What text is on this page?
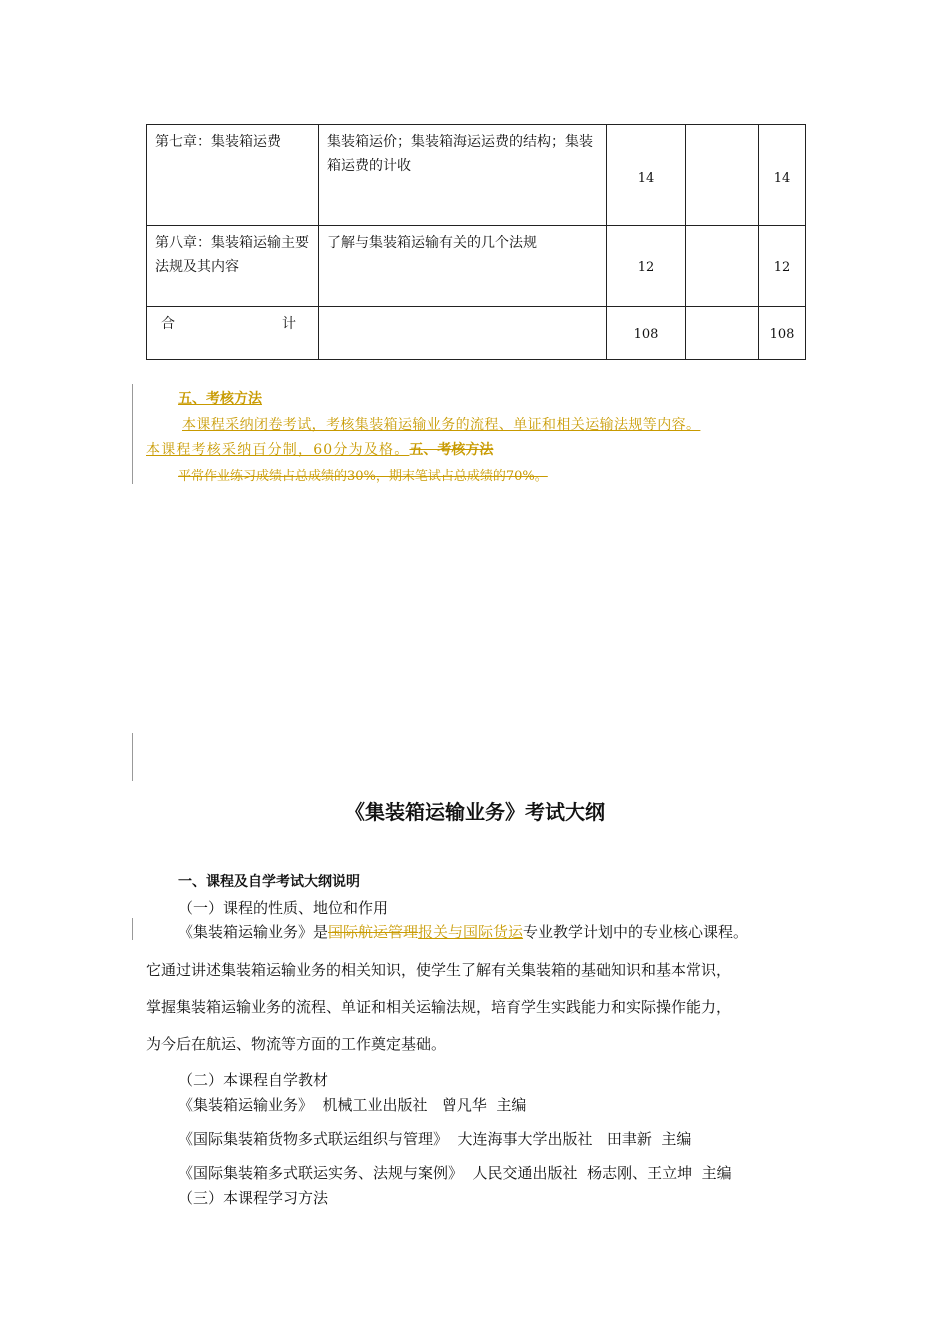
第七章：集装箱运费	集装箱运价；集装箱海运运费的结构；集装箱运费的计收	14		14

第八章：集装箱运输主要法规及其内容	了解与集装箱运输有关的几个法规	12		12

合 计		108		108
五、考核方法
本课程采纳闭卷考试，考核集装箱运输业务的流程、单证和相关运输法规等内容。
本课程考核采纳百分制，60分为及格。五、考核方法
平常作业练习成绩占总成绩的30%，期末笔试占总成绩的70%。
《集装箱运输业务》考试大纲
一、课程及自学考试大纲说明
（一）课程的性质、地位和作用
《集装箱运输业务》是国际航运管理报关与国际货运专业教学计划中的专业核心课程。
它通过讲述集装箱运输业务的相关知识，使学生了解有关集装箱的基础知识和基本常识，
掌握集装箱运输业务的流程、单证和相关运输法规，培育学生实践能力和实际操作能力，
为今后在航运、物流等方面的工作奠定基础。
（二）本课程自学教材
《集装箱运输业务》  机械工业出版社   曾凡华  主编
《国际集装箱货物多式联运组织与管理》  大连海事大学出版社   田聿新  主编
《国际集装箱多式联运实务、法规与案例》  人民交通出版社  杨志刚、王立坤  主编
（三）本课程学习方法
